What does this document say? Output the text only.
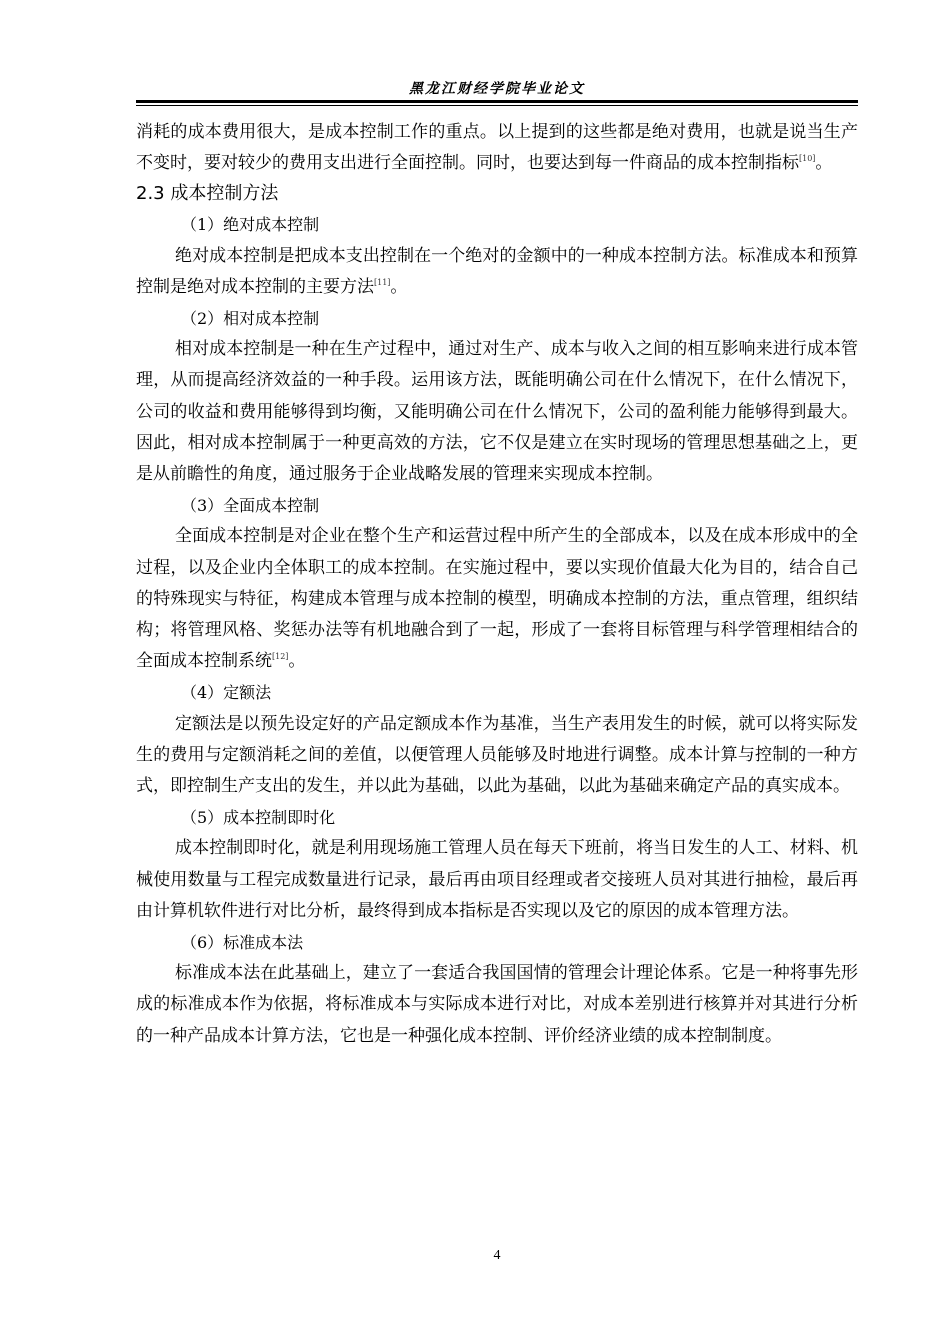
黑龙江财经学院毕业论文

消耗的成本费用很大，是成本控制工作的重点。以上提到的这些都是绝对费用，也就是说当生产不变时，要对较少的费用支出进行全面控制。同时，也要达到每一件商品的成本控制指标[10]。

2.3 成本控制方法

（1）绝对成本控制

绝对成本控制是把成本支出控制在一个绝对的金额中的一种成本控制方法。标准成本和预算控制是绝对成本控制的主要方法[11]。

（2）相对成本控制

相对成本控制是一种在生产过程中，通过对生产、成本与收入之间的相互影响来进行成本管理，从而提高经济效益的一种手段。运用该方法，既能明确公司在什么情况下，在什么情况下，公司的收益和费用能够得到均衡，又能明确公司在什么情况下，公司的盈利能力能够得到最大。因此，相对成本控制属于一种更高效的方法，它不仅是建立在实时现场的管理思想基础之上，更是从前瞻性的角度，通过服务于企业战略发展的管理来实现成本控制。

（3）全面成本控制

全面成本控制是对企业在整个生产和运营过程中所产生的全部成本，以及在成本形成中的全过程，以及企业内全体职工的成本控制。在实施过程中，要以实现价值最大化为目的，结合自己的特殊现实与特征，构建成本管理与成本控制的模型，明确成本控制的方法，重点管理，组织结构；将管理风格、奖惩办法等有机地融合到了一起，形成了一套将目标管理与科学管理相结合的全面成本控制系统[12]。

（4）定额法

定额法是以预先设定好的产品定额成本作为基准，当生产表用发生的时候，就可以将实际发生的费用与定额消耗之间的差值，以便管理人员能够及时地进行调整。成本计算与控制的一种方式，即控制生产支出的发生，并以此为基础，以此为基础，以此为基础来确定产品的真实成本。

（5）成本控制即时化

成本控制即时化，就是利用现场施工管理人员在每天下班前，将当日发生的人工、材料、机械使用数量与工程完成数量进行记录，最后再由项目经理或者交接班人员对其进行抽检，最后再由计算机软件进行对比分析，最终得到成本指标是否实现以及它的原因的成本管理方法。

（6）标准成本法

标准成本法在此基础上，建立了一套适合我国国情的管理会计理论体系。它是一种将事先形成的标准成本作为依据，将标准成本与实际成本进行对比，对成本差别进行核算并对其进行分析的一种产品成本计算方法，它也是一种强化成本控制、评价经济业绩的成本控制制度。

4
